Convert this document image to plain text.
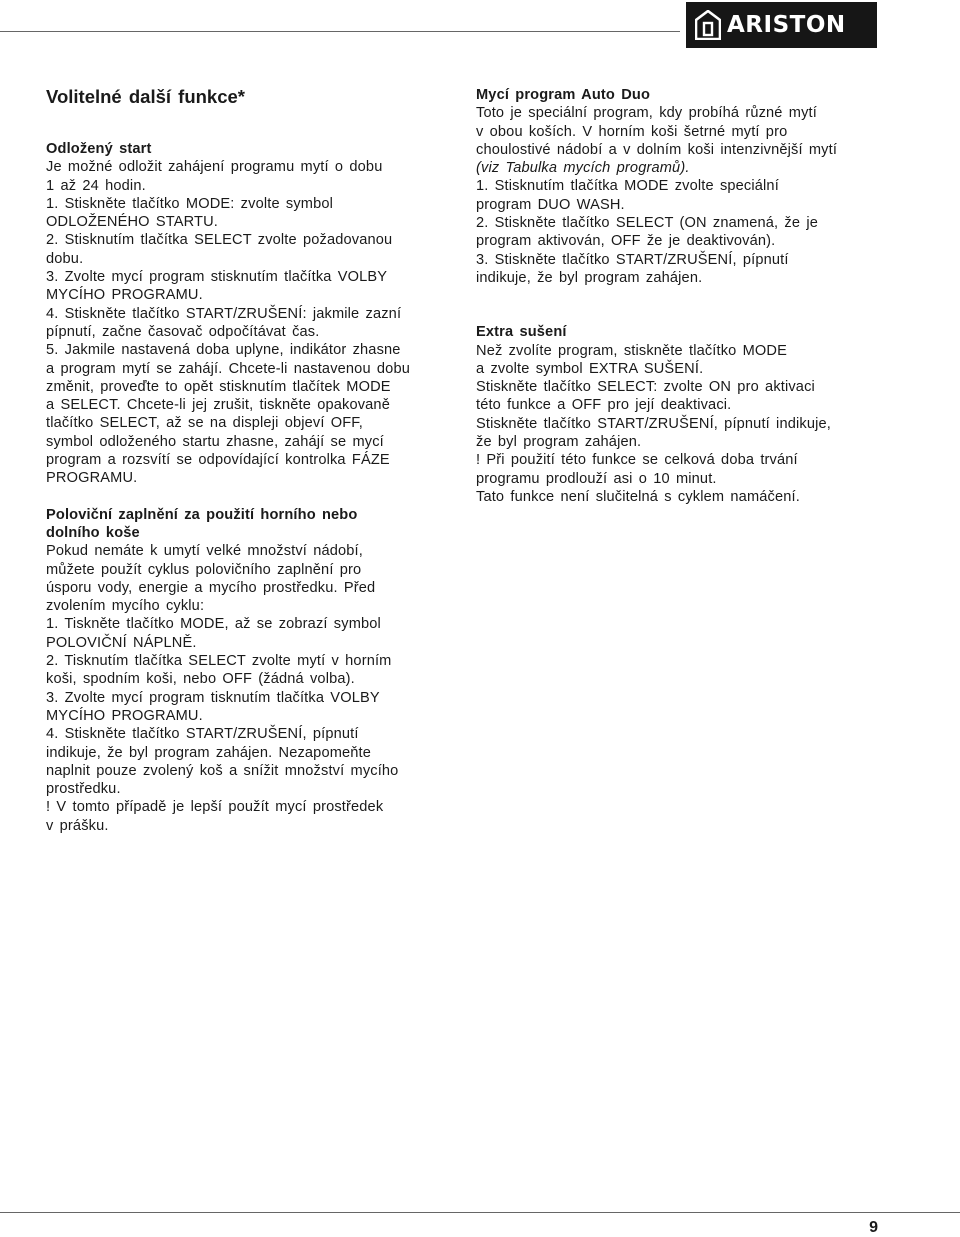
ARISTON
Volitelné další funkce*
Odložený start
Je možné odložit zahájení programu mytí o dobu
1 až 24 hodin.
1. Stiskněte tlačítko MODE: zvolte symbol
ODLOŽENÉHO STARTU.
2. Stisknutím tlačítka SELECT zvolte požadovanou
dobu.
3. Zvolte mycí program stisknutím tlačítka VOLBY
MYCÍHO PROGRAMU.
4. Stiskněte tlačítko START/ZRUŠENÍ: jakmile zazní
pípnutí, začne časovač odpočítávat čas.
5. Jakmile nastavená doba uplyne, indikátor zhasne
a program mytí se zahájí. Chcete-li nastavenou dobu
změnit, proveďte to opět stisknutím tlačítek MODE
a SELECT. Chcete-li jej zrušit, tiskněte opakovaně
tlačítko SELECT, až se na displeji objeví OFF,
symbol odloženého startu zhasne, zahájí se mycí
program a rozsvítí se odpovídající kontrolka FÁZE
PROGRAMU.
Poloviční zaplnění za použití horního nebo
dolního koše
Pokud nemáte k umytí velké množství nádobí,
můžete použít cyklus polovičního zaplnění pro
úsporu vody, energie a mycího prostředku. Před
zvolením mycího cyklu:
1. Tiskněte tlačítko MODE, až se zobrazí symbol
POLOVIČNÍ NÁPLNĚ.
2. Tisknutím tlačítka SELECT zvolte mytí v horním
koši, spodním koši, nebo OFF (žádná volba).
3. Zvolte mycí program tisknutím tlačítka VOLBY
MYCÍHO PROGRAMU.
4. Stiskněte tlačítko START/ZRUŠENÍ, pípnutí
indikuje, že byl program zahájen. Nezapomeňte
naplnit pouze zvolený koš a snížit množství mycího
prostředku.
! V tomto případě je lepší použít mycí prostředek
v prášku.
Mycí program Auto Duo
Toto je speciální program, kdy probíhá různé mytí
v obou koších. V horním koši šetrné mytí pro
choulostivé nádobí a v dolním koši intenzivnější mytí
(viz Tabulka mycích programů).
1. Stisknutím tlačítka MODE zvolte speciální
program DUO WASH.
2. Stiskněte tlačítko SELECT (ON znamená, že je
program aktivován, OFF že je deaktivován).
3. Stiskněte tlačítko START/ZRUŠENÍ, pípnutí
indikuje, že byl program zahájen.
Extra sušení
Než zvolíte program, stiskněte tlačítko MODE
a zvolte symbol EXTRA SUŠENÍ.
Stiskněte tlačítko SELECT: zvolte ON pro aktivaci
této funkce a OFF pro její deaktivaci.
Stiskněte tlačítko START/ZRUŠENÍ, pípnutí indikuje,
že byl program zahájen.
! Při použití této funkce se celková doba trvání
programu prodlouží asi o 10 minut.
Tato funkce není slučitelná s cyklem namáčení.
9
